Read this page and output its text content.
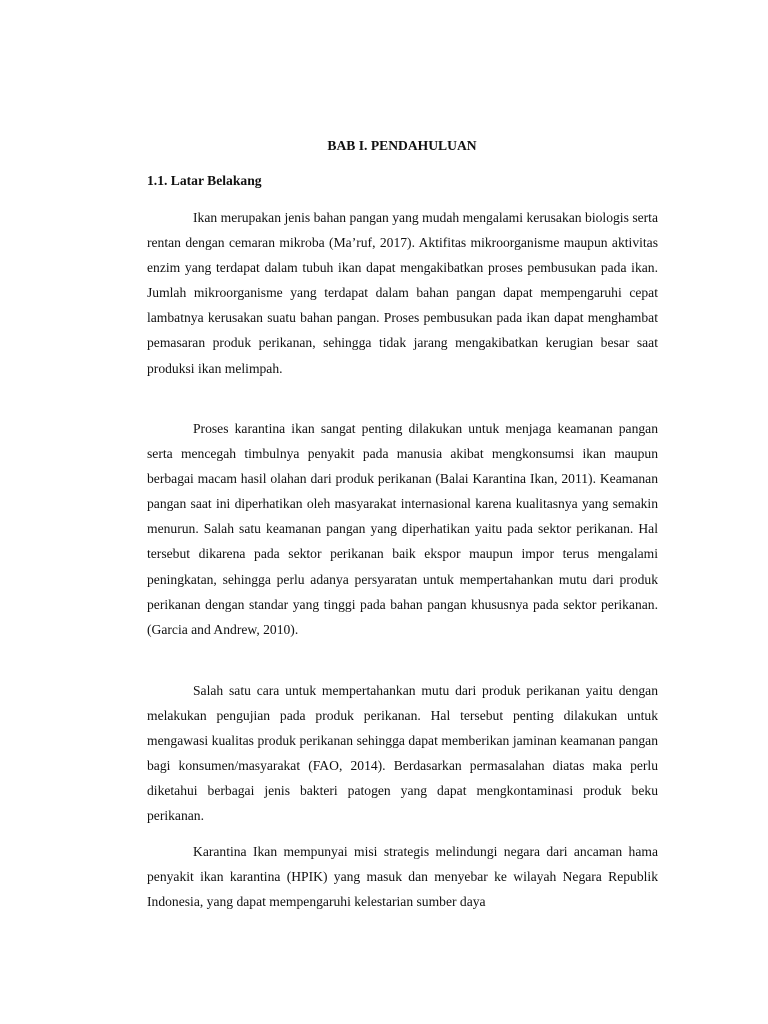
BAB I. PENDAHULUAN
1.1. Latar Belakang

Ikan merupakan jenis bahan pangan yang mudah mengalami kerusakan biologis serta rentan dengan cemaran mikroba (Ma’ruf, 2017). Aktifitas mikroorganisme maupun aktivitas enzim yang terdapat dalam tubuh ikan dapat mengakibatkan proses pembusukan pada ikan. Jumlah mikroorganisme yang terdapat dalam bahan pangan dapat mempengaruhi cepat lambatnya kerusakan suatu bahan pangan. Proses pembusukan pada ikan dapat menghambat pemasaran produk perikanan, sehingga tidak jarang mengakibatkan kerugian besar saat produksi ikan melimpah.

Proses karantina ikan sangat penting dilakukan untuk menjaga keamanan pangan serta mencegah timbulnya penyakit pada manusia akibat mengkonsumsi ikan maupun berbagai macam hasil olahan dari produk perikanan (Balai Karantina Ikan, 2011). Keamanan pangan saat ini diperhatikan oleh masyarakat internasional karena kualitasnya yang semakin menurun. Salah satu keamanan pangan yang diperhatikan yaitu pada sektor perikanan. Hal tersebut dikarena pada sektor perikanan baik ekspor maupun impor terus mengalami peningkatan, sehingga perlu adanya persyaratan untuk mempertahankan mutu dari produk perikanan dengan standar yang tinggi pada bahan pangan khususnya pada sektor perikanan. (Garcia and Andrew, 2010).

Salah satu cara untuk mempertahankan mutu dari produk perikanan yaitu dengan melakukan pengujian pada produk perikanan. Hal tersebut penting dilakukan untuk mengawasi kualitas produk perikanan sehingga dapat memberikan jaminan keamanan pangan bagi konsumen/masyarakat (FAO, 2014). Berdasarkan permasalahan diatas maka perlu diketahui berbagai jenis bakteri patogen yang dapat mengkontaminasi produk beku perikanan.

Karantina Ikan mempunyai misi strategis melindungi negara dari ancaman hama penyakit ikan karantina (HPIK) yang masuk dan menyebar ke wilayah Negara Republik Indonesia, yang dapat mempengaruhi kelestarian sumber daya
